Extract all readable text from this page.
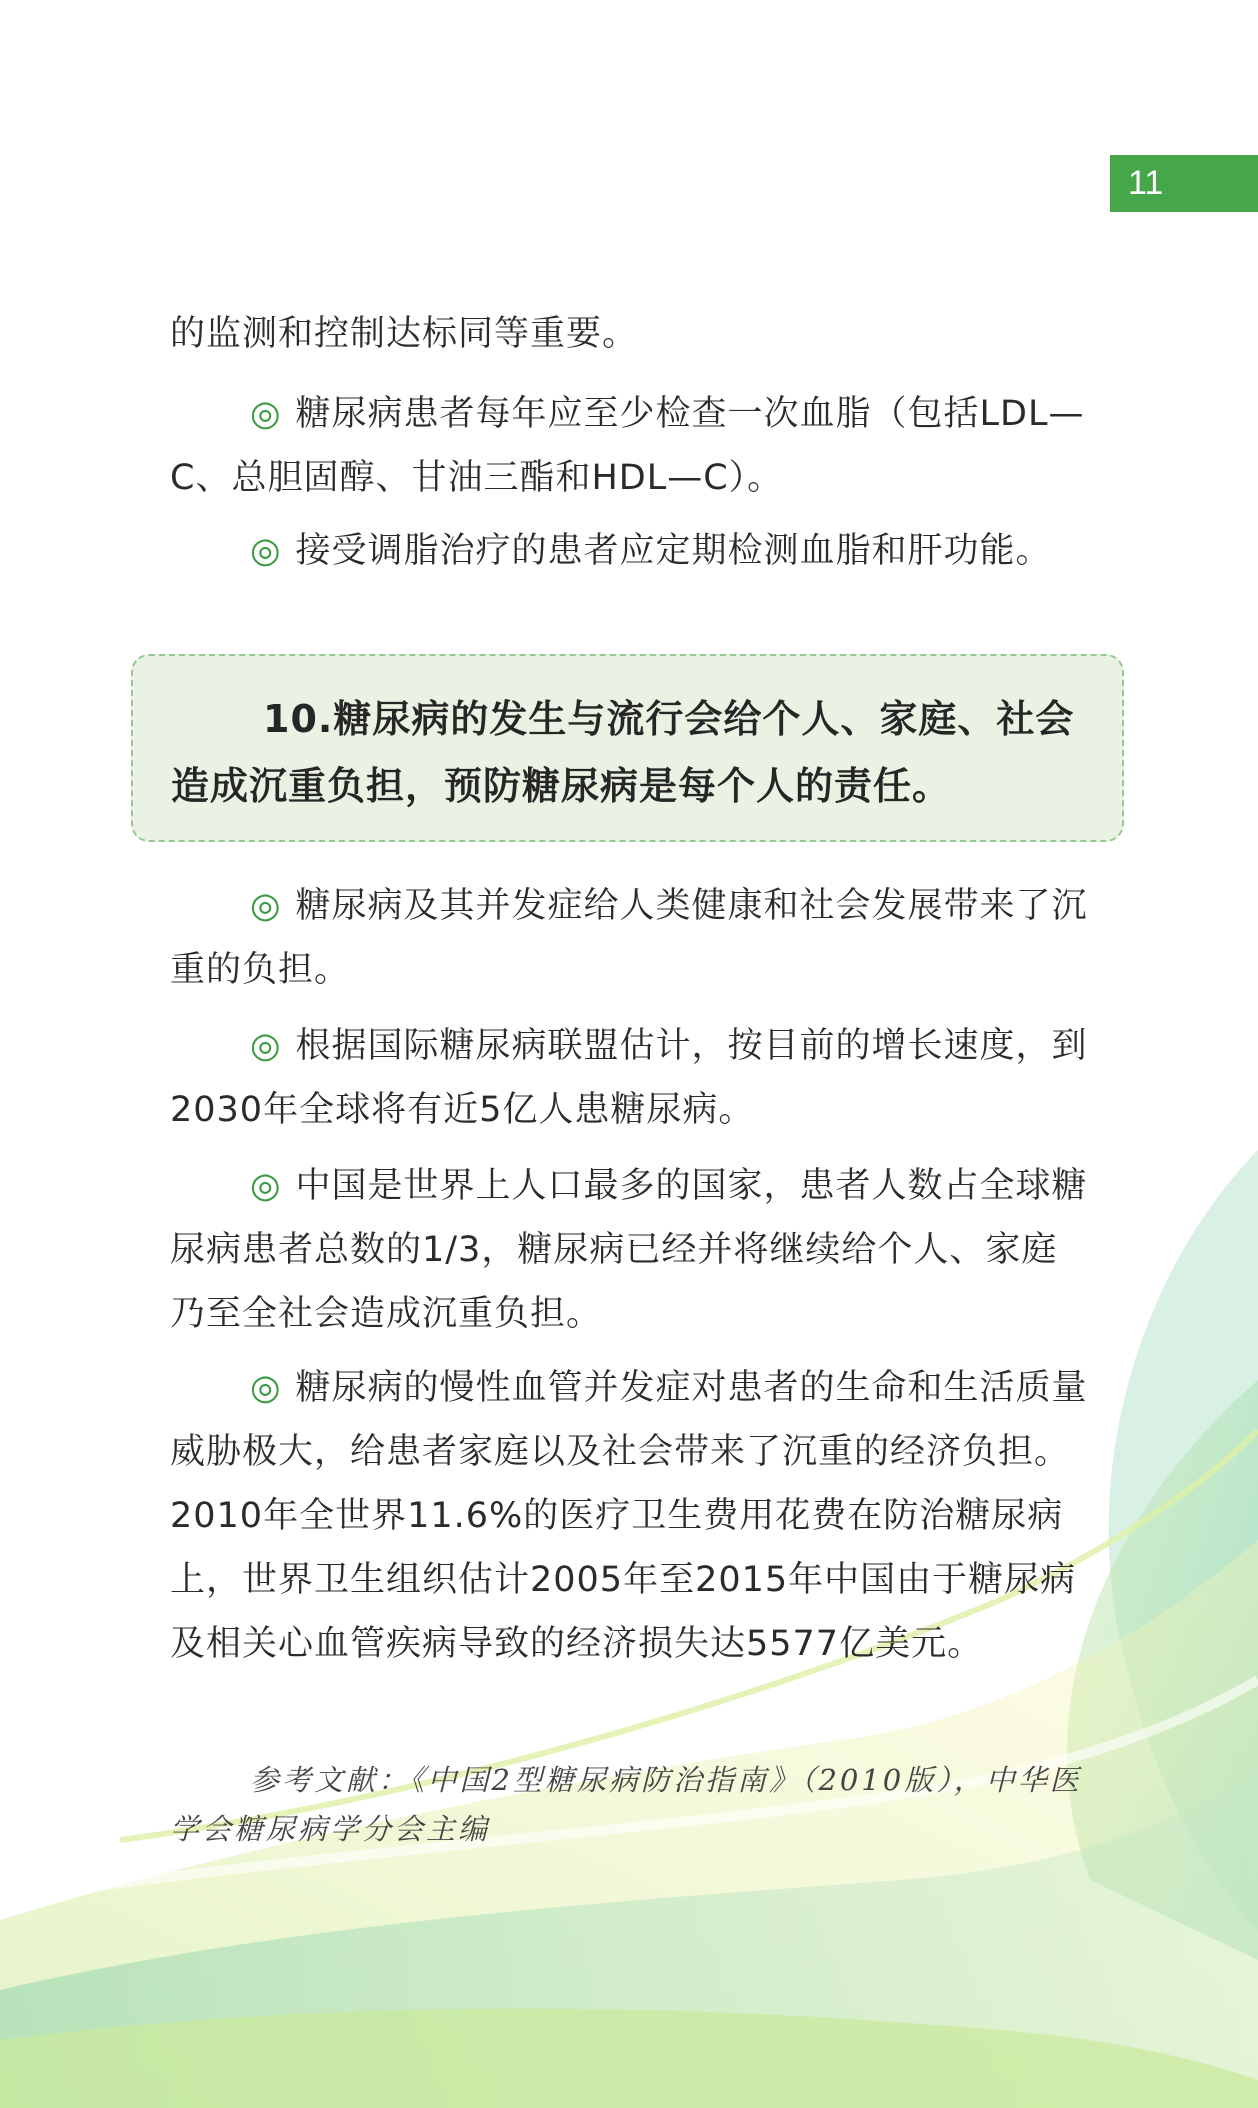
11

的监测和控制达标同等重要。

◎ 糖尿病患者每年应至少检查一次血脂（包括LDL—C、总胆固醇、甘油三酯和HDL—C）。

◎ 接受调脂治疗的患者应定期检测血脂和肝功能。

10.糖尿病的发生与流行会给个人、家庭、社会造成沉重负担，预防糖尿病是每个人的责任。

◎ 糖尿病及其并发症给人类健康和社会发展带来了沉重的负担。

◎ 根据国际糖尿病联盟估计，按目前的增长速度，到2030年全球将有近5亿人患糖尿病。

◎ 中国是世界上人口最多的国家，患者人数占全球糖尿病患者总数的1/3，糖尿病已经并将继续给个人、家庭乃至全社会造成沉重负担。

◎ 糖尿病的慢性血管并发症对患者的生命和生活质量威胁极大，给患者家庭以及社会带来了沉重的经济负担。2010年全世界11.6%的医疗卫生费用花费在防治糖尿病上，世界卫生组织估计2005年至2015年中国由于糖尿病及相关心血管疾病导致的经济损失达5577亿美元。

参考文献：《中国2型糖尿病防治指南》（2010版），中华医学会糖尿病学分会主编
